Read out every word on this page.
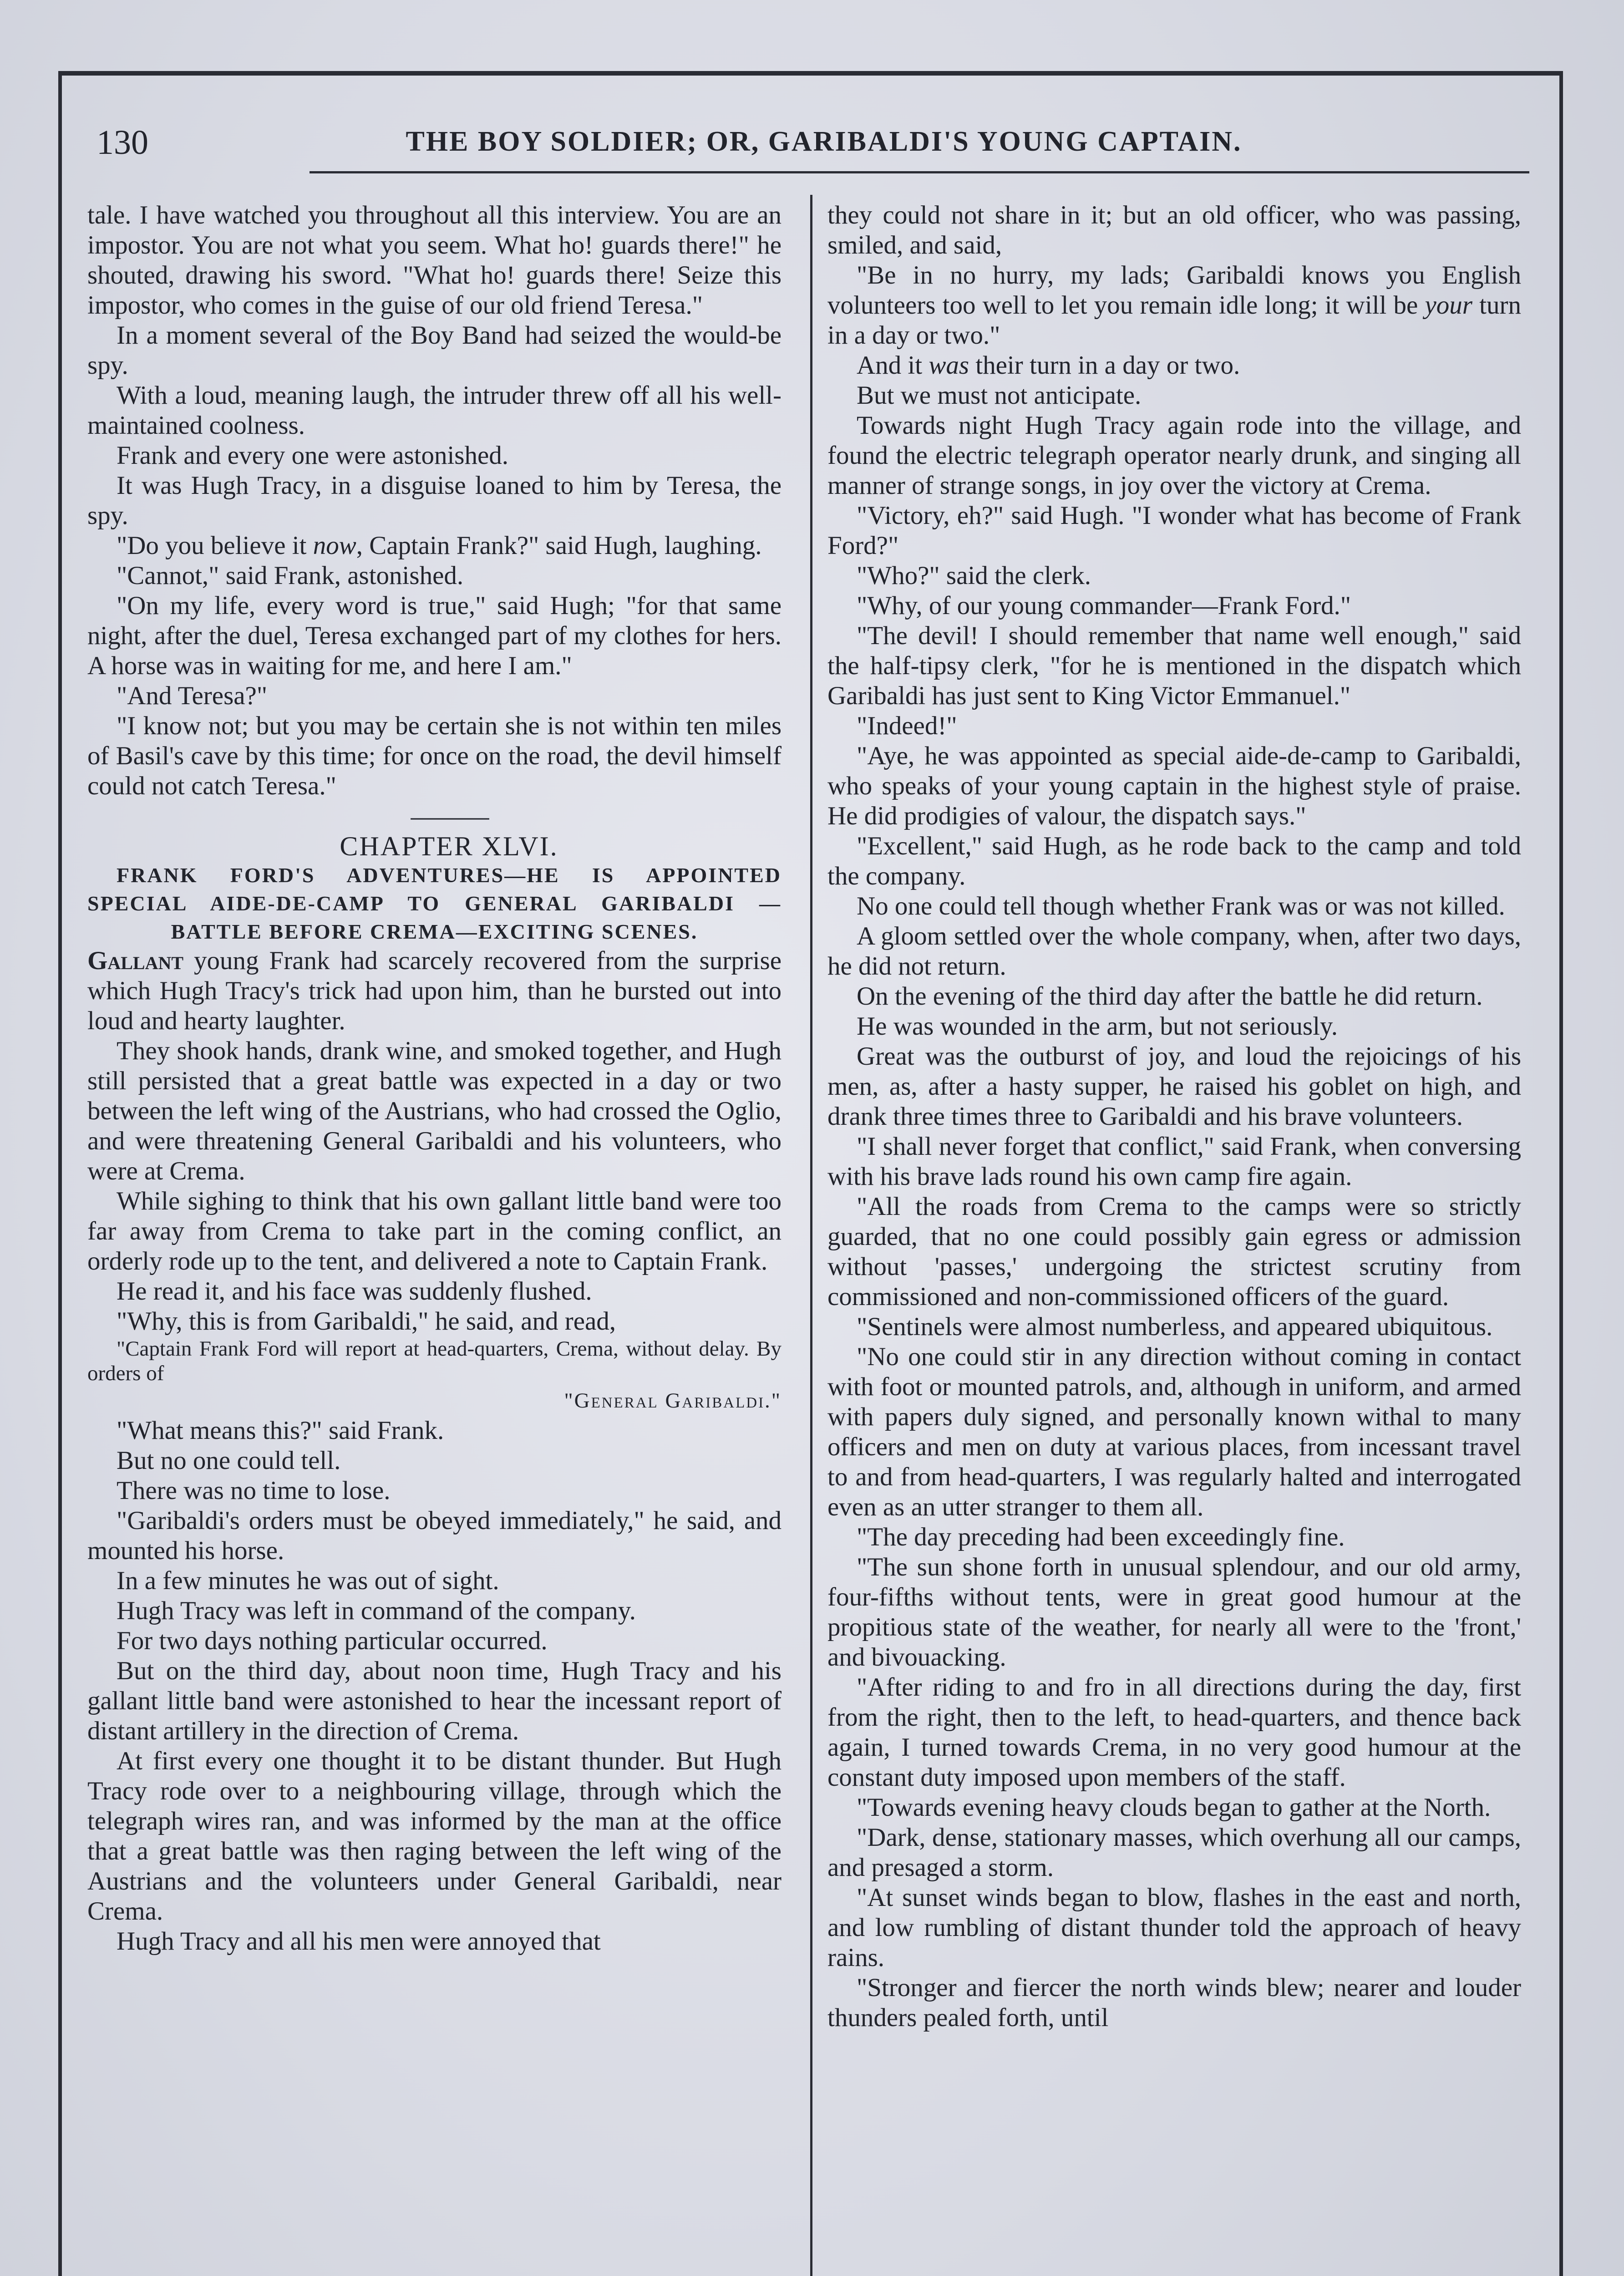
130	THE BOY SOLDIER; OR, GARIBALDI'S YOUNG CAPTAIN.

tale. I have watched you throughout all this interview. You are an impostor. You are not what you seem. What ho! guards there!" he shouted, drawing his sword. "What ho! guards there! Seize this impostor, who comes in the guise of our old friend Teresa."

In a moment several of the Boy Band had seized the would-be spy.

With a loud, meaning laugh, the intruder threw off all his well-maintained coolness.

Frank and every one were astonished.

It was Hugh Tracy, in a disguise loaned to him by Teresa, the spy.

"Do you believe it now, Captain Frank?" said Hugh, laughing.

"Cannot," said Frank, astonished.

"On my life, every word is true," said Hugh; "for that same night, after the duel, Teresa exchanged part of my clothes for hers. A horse was in waiting for me, and here I am."

"And Teresa?"

"I know not; but you may be certain she is not within ten miles of Basil's cave by this time; for once on the road, the devil himself could not catch Teresa."

———

CHAPTER XLVI.

FRANK FORD'S ADVENTURES—HE IS APPOINTED SPECIAL AIDE-DE-CAMP TO GENERAL GARIBALDI —BATTLE BEFORE CREMA—EXCITING SCENES.

Gallant young Frank had scarcely recovered from the surprise which Hugh Tracy's trick had upon him, than he bursted out into loud and hearty laughter.

They shook hands, drank wine, and smoked together, and Hugh still persisted that a great battle was expected in a day or two between the left wing of the Austrians, who had crossed the Oglio, and were threatening General Garibaldi and his volunteers, who were at Crema.

While sighing to think that his own gallant little band were too far away from Crema to take part in the coming conflict, an orderly rode up to the tent, and delivered a note to Captain Frank.

He read it, and his face was suddenly flushed.

"Why, this is from Garibaldi," he said, and read,

"Captain Frank Ford will report at head-quarters, Crema, without delay. By orders of

"General Garibaldi."

"What means this?" said Frank.

But no one could tell.

There was no time to lose.

"Garibaldi's orders must be obeyed immediately," he said, and mounted his horse.

In a few minutes he was out of sight.

Hugh Tracy was left in command of the company.

For two days nothing particular occurred.

But on the third day, about noon time, Hugh Tracy and his gallant little band were astonished to hear the incessant report of distant artillery in the direction of Crema.

At first every one thought it to be distant thunder. But Hugh Tracy rode over to a neighbouring village, through which the telegraph wires ran, and was informed by the man at the office that a great battle was then raging between the left wing of the Austrians and the volunteers under General Garibaldi, near Crema.

Hugh Tracy and all his men were annoyed that

they could not share in it; but an old officer, who was passing, smiled, and said,

"Be in no hurry, my lads; Garibaldi knows you English volunteers too well to let you remain idle long; it will be your turn in a day or two."

And it was their turn in a day or two.

But we must not anticipate.

Towards night Hugh Tracy again rode into the village, and found the electric telegraph operator nearly drunk, and singing all manner of strange songs, in joy over the victory at Crema.

"Victory, eh?" said Hugh. "I wonder what has become of Frank Ford?"

"Who?" said the clerk.

"Why, of our young commander—Frank Ford."

"The devil! I should remember that name well enough," said the half-tipsy clerk, "for he is mentioned in the dispatch which Garibaldi has just sent to King Victor Emmanuel."

"Indeed!"

"Aye, he was appointed as special aide-de-camp to Garibaldi, who speaks of your young captain in the highest style of praise. He did prodigies of valour, the dispatch says."

"Excellent," said Hugh, as he rode back to the camp and told the company.

No one could tell though whether Frank was or was not killed.

A gloom settled over the whole company, when, after two days, he did not return.

On the evening of the third day after the battle he did return.

He was wounded in the arm, but not seriously.

Great was the outburst of joy, and loud the rejoicings of his men, as, after a hasty supper, he raised his goblet on high, and drank three times three to Garibaldi and his brave volunteers.

"I shall never forget that conflict," said Frank, when conversing with his brave lads round his own camp fire again.

"All the roads from Crema to the camps were so strictly guarded, that no one could possibly gain egress or admission without 'passes,' undergoing the strictest scrutiny from commissioned and non-commissioned officers of the guard.

"Sentinels were almost numberless, and appeared ubiquitous.

"No one could stir in any direction without coming in contact with foot or mounted patrols, and, although in uniform, and armed with papers duly signed, and personally known withal to many officers and men on duty at various places, from incessant travel to and from head-quarters, I was regularly halted and interrogated even as an utter stranger to them all.

"The day preceding had been exceedingly fine.

"The sun shone forth in unusual splendour, and our old army, four-fifths without tents, were in great good humour at the propitious state of the weather, for nearly all were to the 'front,' and bivouacking.

"After riding to and fro in all directions during the day, first from the right, then to the left, to head-quarters, and thence back again, I turned towards Crema, in no very good humour at the constant duty imposed upon members of the staff.

"Towards evening heavy clouds began to gather at the North.

"Dark, dense, stationary masses, which overhung all our camps, and presaged a storm.

"At sunset winds began to blow, flashes in the east and north, and low rumbling of distant thunder told the approach of heavy rains.

"Stronger and fiercer the north winds blew; nearer and louder thunders pealed forth, until
